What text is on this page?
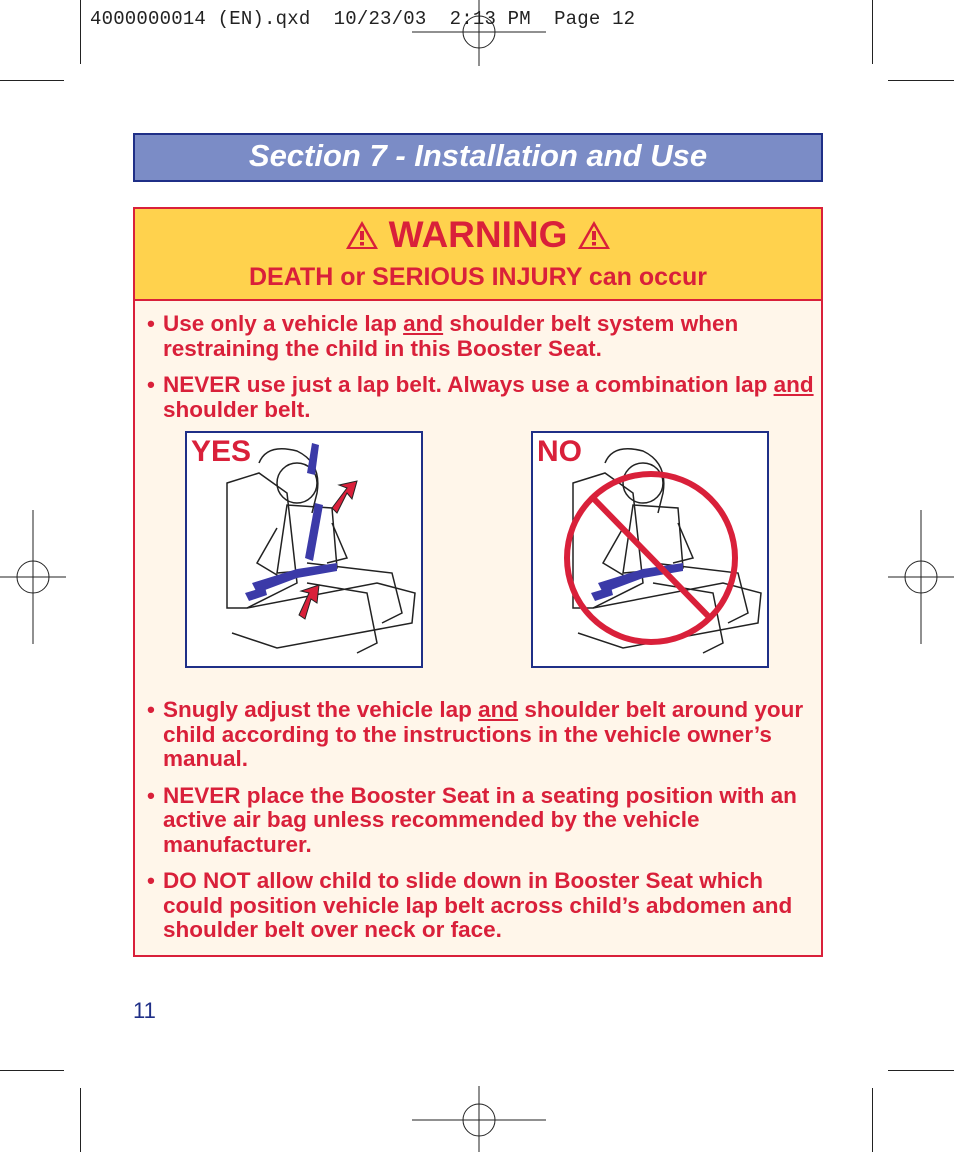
4000000014 (EN).qxd  10/23/03  2:13 PM  Page 12
Section 7 - Installation and Use
WARNING
DEATH or SERIOUS INJURY can occur
• Use only a vehicle lap and shoulder belt system when restraining the child in this Booster Seat.
• NEVER use just a lap belt. Always use a combination lap and shoulder belt.
YES	NO
• Snugly adjust the vehicle lap and shoulder belt around your child according to the instructions in the vehicle owner’s manual.
• NEVER place the Booster Seat in a seating position with an active air bag unless recommended by the vehicle manufacturer.
• DO NOT allow child to slide down in Booster Seat which could position vehicle lap belt across child’s abdomen and shoulder belt over neck or face.
11
